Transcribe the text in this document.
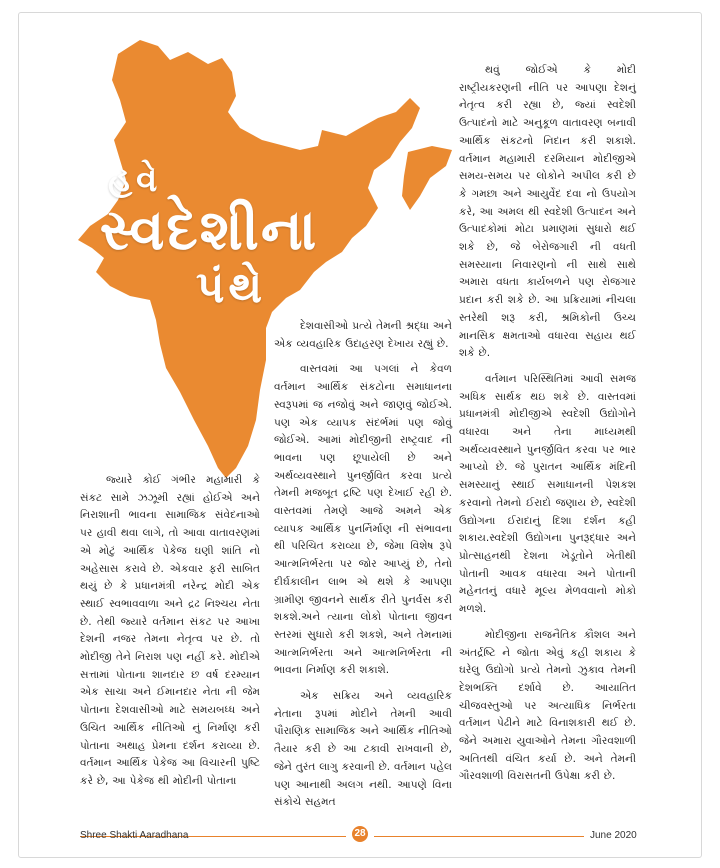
હવે
સ્વદેશીના
પંથે

જ્યારે કોઈ ગંભીર મહામારી કે સંકટ સામે ઝઝૂમી રહ્યાં હોઈએ અને નિરાશાની ભાવના સામાજિક સંવેદનાઓ પર હાવી થવા લાગે, તો આવા વાતાવરણમાં એ મોટું આર્થિક પેકેજ ઘણી શાંતિ નો અહેસાસ કરાવે છે. એકવાર ફરી સાબિત થયું છે કે પ્રધાનમંત્રી નરેન્દ્ર મોદી એક સ્થાઈ સ્વભાવવાળા અને દ્રઢ નિશ્ચય નેતા છે. તેથી જ્યારે વર્તમાન સંકટ પર આખા દેશની નજર તેમના નેતૃત્વ પર છે. તો મોદીજી તેને નિરાશ પણ નહીં કરે. મોદીએ સત્તામાં પોતાના શાનદાર છ વર્ષ દરમ્યાન એક સાચા અને ઈમાનદાર નેતા ની જેમ પોતાના દેશવાસીઓ માટે સમયબધ્ધ અને ઉચિત આર્થિક નીતિઓ નું નિર્માણ કરી પોતાના અથાહ પ્રેમના દર્શન કરાવ્યા છે. વર્તમાન આર્થિક પેકેજ આ વિચારની પુષ્ટિ કરે છે, આ પેકેજ થી મોદીની પોતાના

દેશવાસીઓ પ્રત્યે તેમની શ્રદ્ધા અને એક વ્યવહારિક ઉદાહરણ દેખાય રહ્યું છે.

વાસ્તવમાં આ પગલાં ને કેવળ વર્તમાન આર્થિક સંકટોના સમાધાનના સ્વરૂપમાં જ નજોવું અને જાણવું જોઈએ. પણ એક વ્યાપક સંદર્ભમાં પણ જોવું જોઈએ. આમાં મોદીજીની રાષ્ટ્રવાદ ની ભાવના પણ છૂપાયેલી છે અને અર્થવ્યવસ્થાને પુનર્જીવિત કરવા પ્રત્યે તેમની મજબૂત દ્રષ્ટિ પણ દેખાઈ રહી છે. વાસ્તવમાં તેમણે આજે અમને એક વ્યાપક આર્થિક પુનર્નિર્માણ ની સંભાવના થી પરિચિત કરાવ્યા છે, જેમા વિશેષ રૂપે આત્મનિર્ભરતા પર જોર આપ્યું છે, તેનો દીર્ઘકાલીન લાભ એ થશે કે આપણા ગ્રામીણ જીવનને સાર્થક રીતે પુનર્વસ કરી શકશે.અને ત્યાના લોકો પોતાના જીવન સ્તરમાં સુધારો કરી શકશે, અને તેમનામાં આત્મનિર્ભરતા અને આત્મનિર્ભરતા ની ભાવના નિર્માણ કરી શકાશે.

એક સક્રિય અને વ્યવહારિક નેતાના રૂપમાં મોદીને તેમની આવી પૌરાણિક સામાજિક અને આર્થિક નીતિઓ તૈયાર કરી છે આ ટકાવી રાખવાની છે, જેને તુરંત લાગુ કરવાની છે. વર્તમાન પહેલ પણ આનાથી અલગ નથી. આપણે વિના સંકોચે સહમત

થવું જોઈએ કે મોદી રાષ્ટ્રીયકરણની નીતિ પર આપણા દેશનું નેતૃત્વ કરી રહ્યા છે, જ્યાં સ્વદેશી ઉત્પાદનો માટે અનુકૂળ વાતાવરણ બનાવી આર્થિક સંકટનો નિદાન કરી શકાશે. વર્તમાન મહામારી દરમિયાન મોદીજીએ સમય-સમય પર લોકોને અપીલ કરી છે કે ગમછા અને આયુર્વેદ દવા નો ઉપયોગ કરે, આ અમલ થી સ્વદેશી ઉત્પાદન અને ઉત્પાદકોમાં મોટા પ્રમાણમાં સુધારો થઈ શકે છે, જે બેરોજગારી ની વધતી સમસ્યાના નિવારણનો ની સાથે સાથે અમારા વધતા કાર્યબળને પણ રોજગાર પ્રદાન કરી શકે છે. આ પ્રક્રિયામાં નીચલા સ્તરેથી શરૂ કરી, શ્રમિકોની ઉચ્ચ માનસિક ક્ષમતાઓ વધારવા સહાય થઈ શકે છે.

વર્તમાન પરિસ્થિતિમાં આવી સમજ અધિક સાર્થક થઇ શકે છે. વાસ્તવમાં પ્રધાનમંત્રી મોદીજીએ સ્વદેશી ઉદ્યોગોને વધારવા અને તેના માધ્યમથી અર્થવ્યવસ્થાને પુનર્જીવિત કરવા પર ભાર આપ્યો છે. જે પુરાતન આર્થિક મંદિની સમસ્યાનું સ્થાઈ સમાધાનની પેશકશ કરવાનો તેમનો ઈરાદો જણાય છે, સ્વદેશી ઉદ્યોગના ઈરાદાનું દિશા દર્શન કહી શકાય.સ્વદેશી ઉદ્યોગના પુનરૂદ્ધાર અને પ્રોત્સાહનથી દેશના ખેડૂતોને ખેતીથી પોતાની આવક વધારવા અને પોતાની મહેનતનું વધારે મૂલ્ય મેળવવાનો મોકો મળશે.

મોદીજીના રાજનૈતિક કૌશલ અને અંતર્દ્રષ્ટિ ને જોતા એવું કહી શકાય કે ઘરેલુ ઉદ્યોગો પ્રત્યે તેમનો ઝુકાવ તેમની દેશભક્તિ દર્શાવે છે. આયાતિત ચીજવસ્તુઓ પર અત્યાધિક નિર્ભરતા વર્તમાન પેઢીને માટે વિનાશકારી થઈ છે. જેને અમારા યુવાઓને તેમના ગૌરવશાળી અતિતથી વંચિત કર્યા છે. અને તેમની ગૌરવશાળી વિરાસતની ઉપેક્ષા કરી છે.

Shree Shakti Aaradhana	28	June 2020
